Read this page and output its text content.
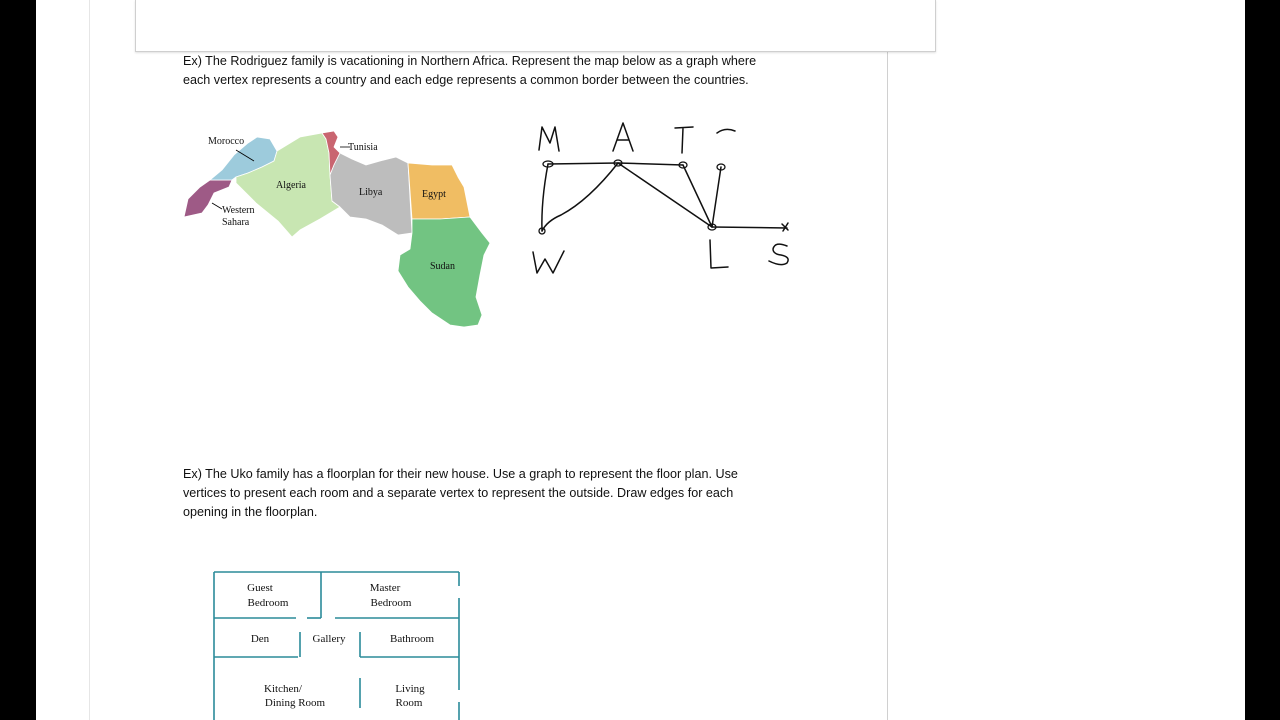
Ex) The Rodriguez family is vacationing in Northern Africa. Represent the map below as a graph where
each vertex represents a country and each edge represents a common border between the countries.

Morocco
Tunisia
Algeria
Libya	Egypt
Western
Sahara
Sudan

Ex) The Uko family has a floorplan for their new house. Use a graph to represent the floor plan. Use
vertices to present each room and a separate vertex to represent the outside. Draw edges for each
opening in the floorplan.

Guest
Bedroom
Master
Bedroom
Den	Gallery	Bathroom
Kitchen/
Dining Room
Living
Room
